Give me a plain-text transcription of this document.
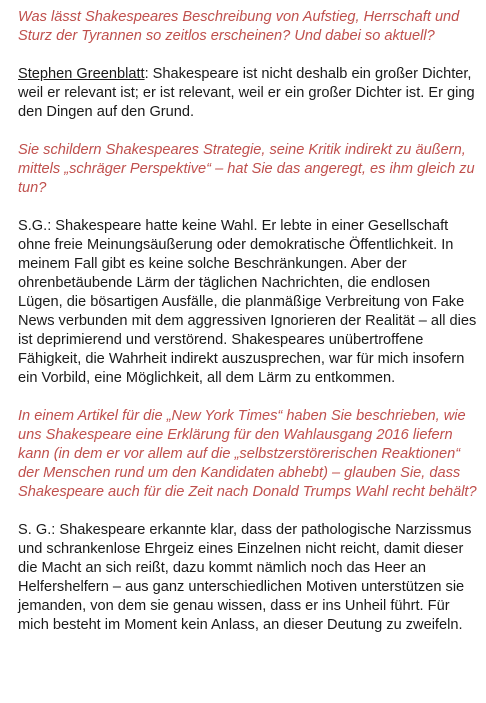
Was lässt Shakespeares Beschreibung von Aufstieg, Herrschaft und Sturz der Tyrannen so zeitlos erscheinen? Und dabei so aktuell?

Stephen Greenblatt: Shakespeare ist nicht deshalb ein großer Dichter, weil er relevant ist; er ist relevant, weil er ein großer Dichter ist. Er ging den Dingen auf den Grund.

Sie schildern Shakespeares Strategie, seine Kritik indirekt zu äußern, mittels „schräger Perspektive“ – hat Sie das angeregt, es ihm gleich zu tun?

S.G.: Shakespeare hatte keine Wahl. Er lebte in einer Gesellschaft ohne freie Meinungsäußerung oder demokratische Öffentlichkeit. In meinem Fall gibt es keine solche Beschränkungen. Aber der ohrenbetäubende Lärm der täglichen Nachrichten, die endlosen Lügen, die bösartigen Ausfälle, die planmäßige Verbreitung von Fake News verbunden mit dem aggressiven Ignorieren der Realität – all dies ist deprimierend und verstörend. Shakespeares unübertroffene Fähigkeit, die Wahrheit indirekt auszusprechen, war für mich insofern ein Vorbild, eine Möglichkeit, all dem Lärm zu entkommen.

In einem Artikel für die „New York Times“ haben Sie beschrieben, wie uns Shakespeare eine Erklärung für den Wahlausgang 2016 liefern kann (in dem er vor allem auf die „selbstzerstörerischen Reaktionen“ der Menschen rund um den Kandidaten abhebt) – glauben Sie, dass Shakespeare auch für die Zeit nach Donald Trumps Wahl recht behält?

S. G.: Shakespeare erkannte klar, dass der pathologische Narzissmus und schrankenlose Ehrgeiz eines Einzelnen nicht reicht, damit dieser die Macht an sich reißt, dazu kommt nämlich noch das Heer an Helfershelfern – aus ganz unterschiedlichen Motiven unterstützen sie jemanden, von dem sie genau wissen, dass er ins Unheil führt. Für mich besteht im Moment kein Anlass, an dieser Deutung zu zweifeln.
